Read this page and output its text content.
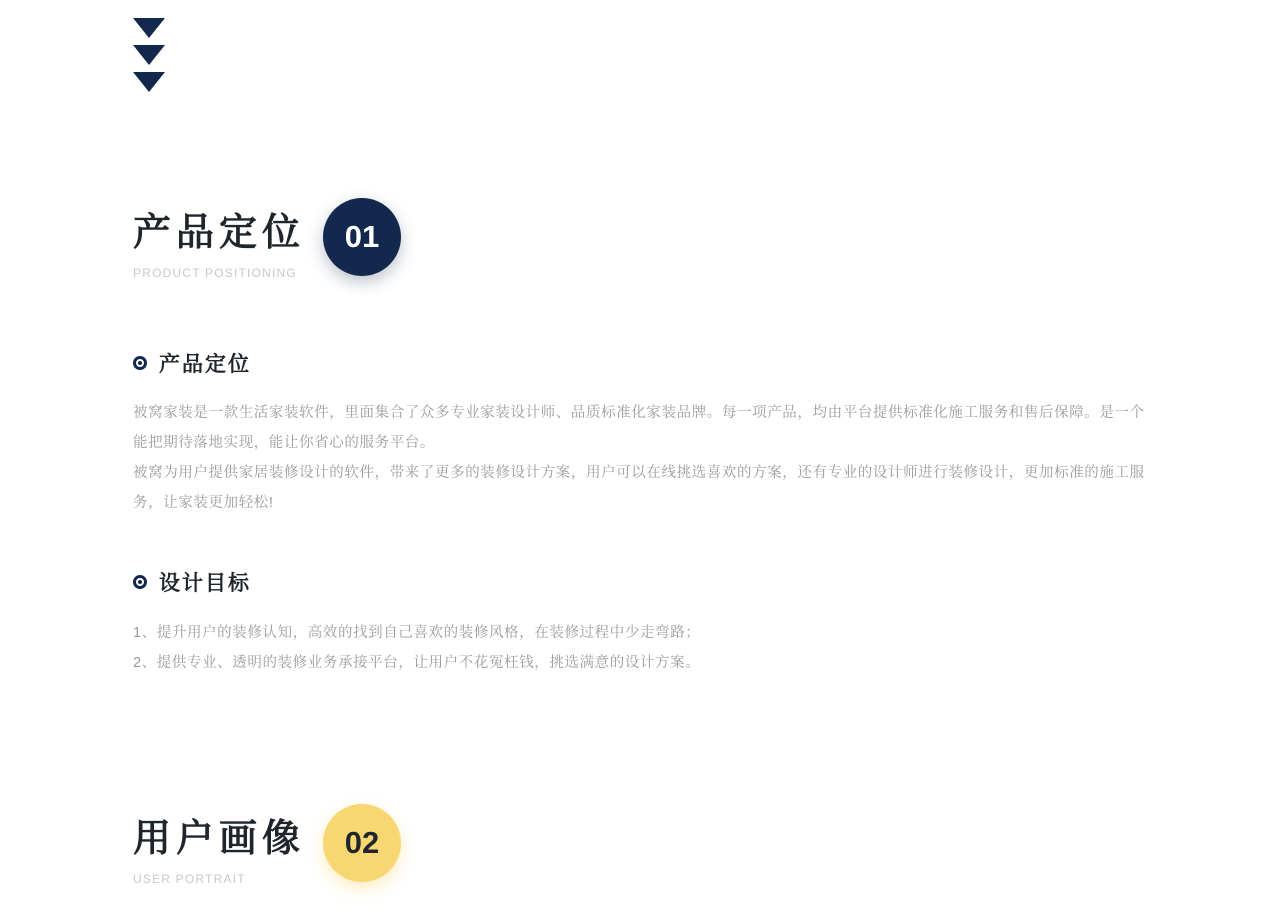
产品定位
PRODUCT POSITIONING
01
产品定位

被窝家装是一款生活家装软件，里面集合了众多专业家装设计师、品质标准化家装品牌。每一项产品，均由平台提供标准化施工服务和售后保障。是一个能把期待落地实现，能让你省心的服务平台。

被窝为用户提供家居装修设计的软件，带来了更多的装修设计方案，用户可以在线挑选喜欢的方案，还有专业的设计师进行装修设计，更加标准的施工服务，让家装更加轻松!

设计目标

1、提升用户的装修认知，高效的找到自己喜欢的装修风格，在装修过程中少走弯路；

2、提供专业、透明的装修业务承接平台，让用户不花冤枉钱，挑选满意的设计方案。

用户画像
USER PORTRAIT
02
